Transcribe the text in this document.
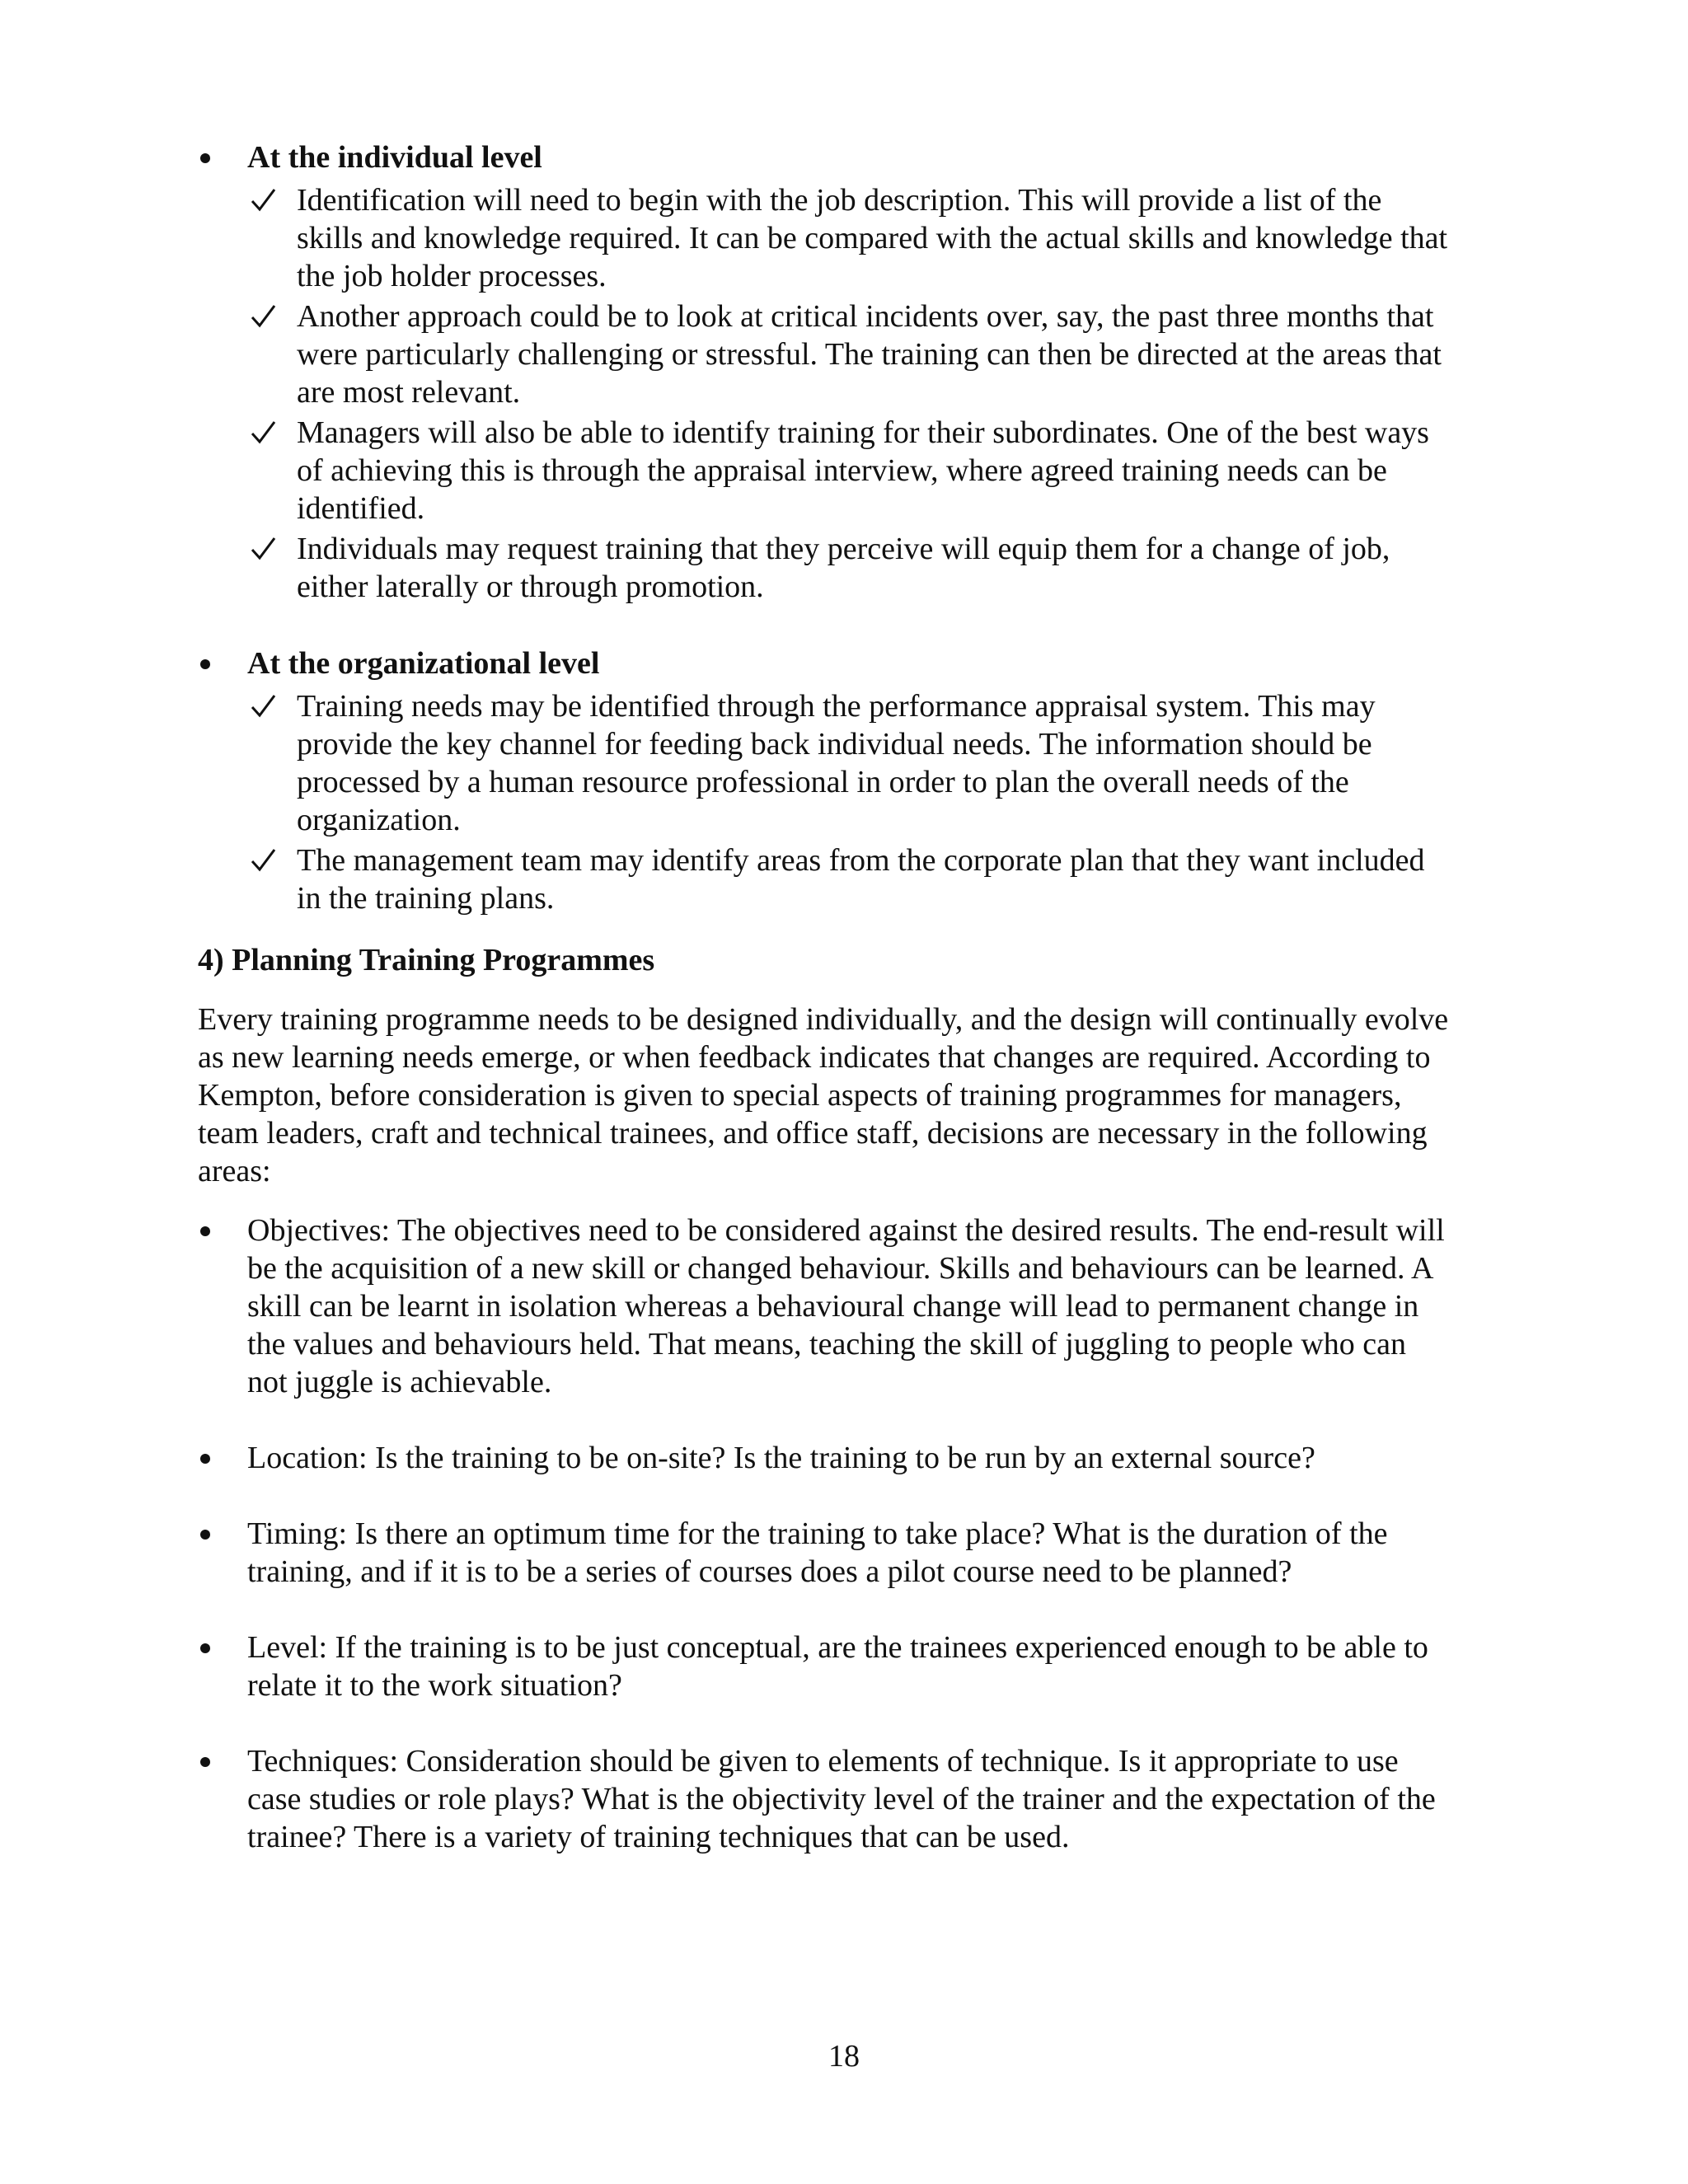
At the individual level
Identification will need to begin with the job description. This will provide a list of the skills and knowledge required. It can be compared with the actual skills and knowledge that the job holder processes.
Another approach could be to look at critical incidents over, say, the past three months that were particularly challenging or stressful. The training can then be directed at the areas that are most relevant.
Managers will also be able to identify training for their subordinates. One of the best ways of achieving this is through the appraisal interview, where agreed training needs can be identified.
Individuals may request training that they perceive will equip them for a change of job, either laterally or through promotion.
At the organizational level
Training needs may be identified through the performance appraisal system. This may provide the key channel for feeding back individual needs. The information should be processed by a human resource professional in order to plan the overall needs of the organization.
The management team may identify areas from the corporate plan that they want included in the training plans.

4) Planning Training Programmes

Every training programme needs to be designed individually, and the design will continually evolve as new learning needs emerge, or when feedback indicates that changes are required. According to Kempton, before consideration is given to special aspects of training programmes for managers, team leaders, craft and technical trainees, and office staff, decisions are necessary in the following areas:

Objectives: The objectives need to be considered against the desired results. The end-result will be the acquisition of a new skill or changed behaviour. Skills and behaviours can be learned. A skill can be learnt in isolation whereas a behavioural change will lead to permanent change in the values and behaviours held. That means, teaching the skill of juggling to people who can not juggle is achievable.
Location: Is the training to be on-site? Is the training to be run by an external source?
Timing: Is there an optimum time for the training to take place? What is the duration of the training, and if it is to be a series of courses does a pilot course need to be planned?
Level: If the training is to be just conceptual, are the trainees experienced enough to be able to relate it to the work situation?
Techniques: Consideration should be given to elements of technique. Is it appropriate to use case studies or role plays? What is the objectivity level of the trainer and the expectation of the trainee? There is a variety of training techniques that can be used.
18
